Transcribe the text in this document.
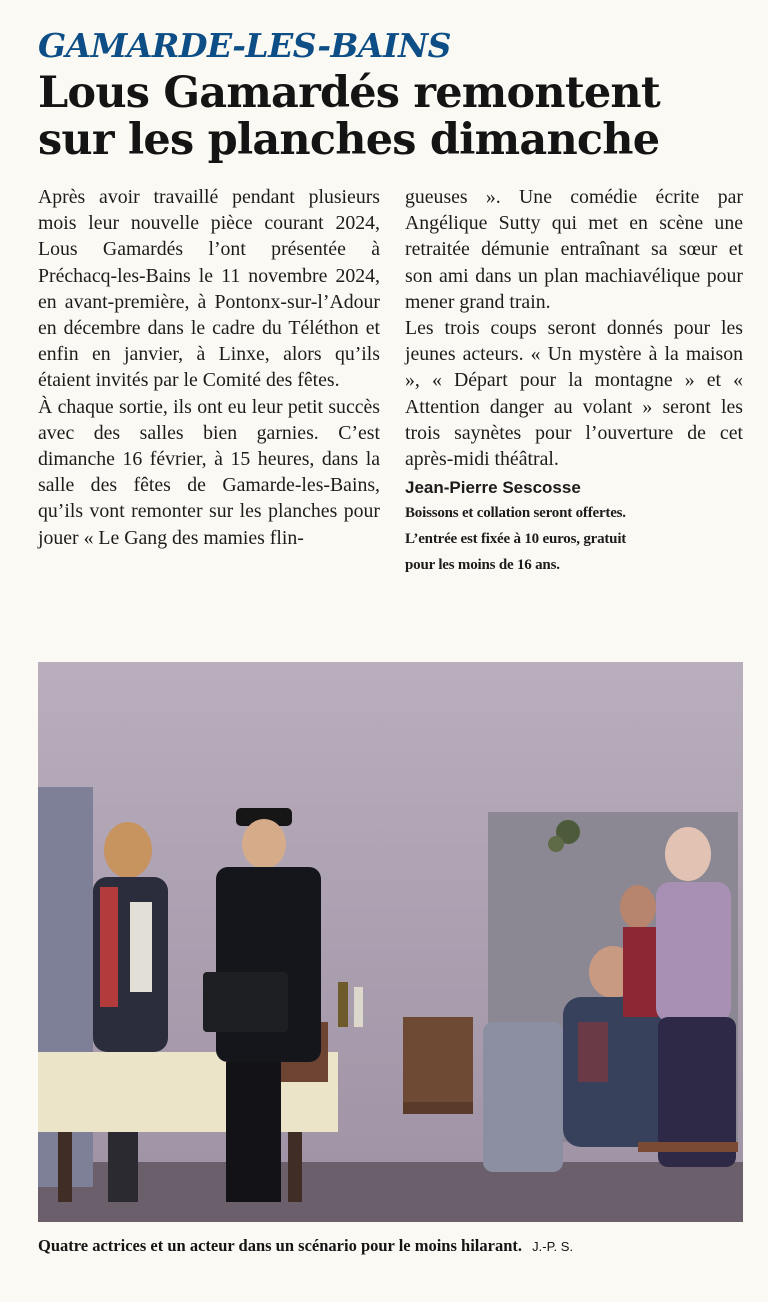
GAMARDE-LES-BAINS
Lous Gamardés remontent
sur les planches dimanche

Après avoir travaillé pendant plusieurs mois leur nouvelle pièce courant 2024, Lous Gamardés l’ont présentée à Préchacq-les-Bains le 11 novembre 2024, en avant-première, à Pontonx-sur-l’Adour en décembre dans le cadre du Téléthon et enfin en janvier, à Linxe, alors qu’ils étaient invités par le Comité des fêtes.

À chaque sortie, ils ont eu leur petit succès avec des salles bien garnies. C’est dimanche 16 février, à 15 heures, dans la salle des fêtes de Gamarde-les-Bains, qu’ils vont remonter sur les planches pour jouer « Le Gang des mamies flin-

gueuses ». Une comédie écrite par Angélique Sutty qui met en scène une retraitée démunie entraînant sa sœur et son ami dans un plan machiavélique pour mener grand train.

Les trois coups seront donnés pour les jeunes acteurs. « Un mystère à la maison », « Départ pour la montagne » et « Attention danger au volant » seront les trois saynètes pour l’ouverture de cet après-midi théâtral.

Jean-Pierre Sescosse
Boissons et collation seront offertes.
L’entrée est fixée à 10 euros, gratuit
pour les moins de 16 ans.
Quatre actrices et un acteur dans un scénario pour le moins hilarant. J.-P. S.
